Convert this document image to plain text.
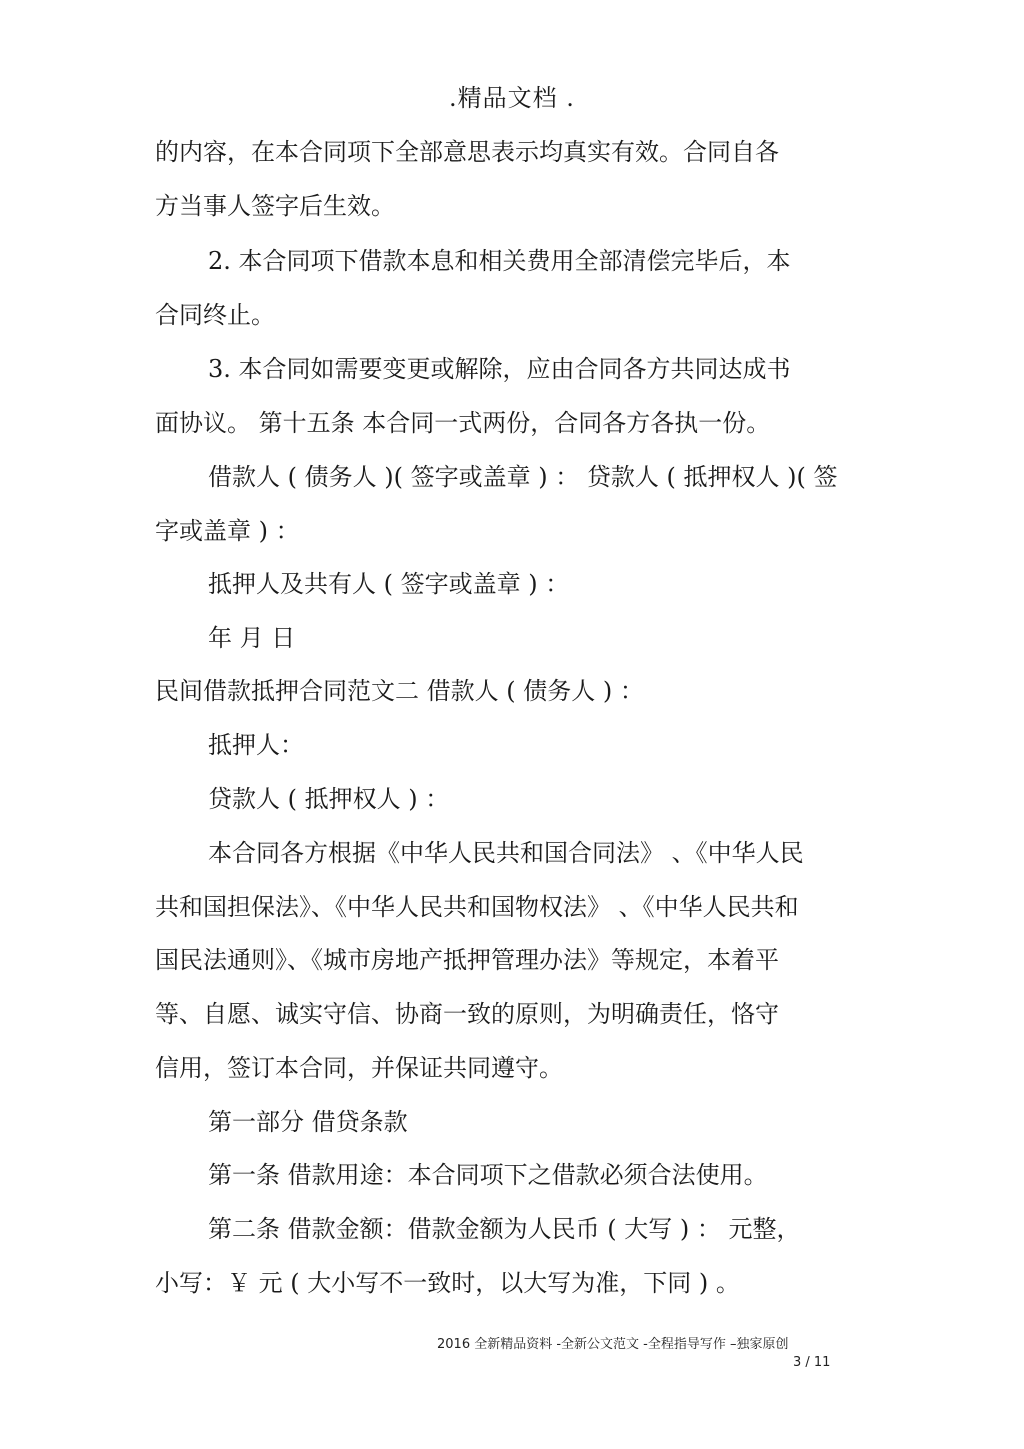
.精品文档 .
的内容，在本合同项下全部意思表示均真实有效。合同自各
方当事人签字后生效。
2. 本合同项下借款本息和相关费用全部清偿完毕后，本
合同终止。
3. 本合同如需要变更或解除，应由合同各方共同达成书
面协议。 第十五条 本合同一式两份，合同各方各执一份。
借款人 ( 债务人 )( 签字或盖章 ) ： 贷款人 ( 抵押权人 )( 签
字或盖章 ) ：
抵押人及共有人 ( 签字或盖章 ) ：
年 月 日
民间借款抵押合同范文二 借款人 ( 债务人 ) ：
抵押人：
贷款人 ( 抵押权人 ) ：
本合同各方根据《中华人民共和国合同法》 、《中华人民
共和国担保法》、《中华人民共和国物权法》 、《中华人民共和
国民法通则》、《城市房地产抵押管理办法》等规定，本着平
等、自愿、诚实守信、协商一致的原则，为明确责任，恪守
信用，签订本合同，并保证共同遵守。
第一部分 借贷条款
第一条 借款用途：本合同项下之借款必须合法使用。
第二条 借款金额：借款金额为人民币 ( 大写 ) ： 元整，
小写：￥ 元 ( 大小写不一致时，以大写为准，下同 ) 。
2016 全新精品资料 -全新公文范文 -全程指导写作 –独家原创
3 / 11
